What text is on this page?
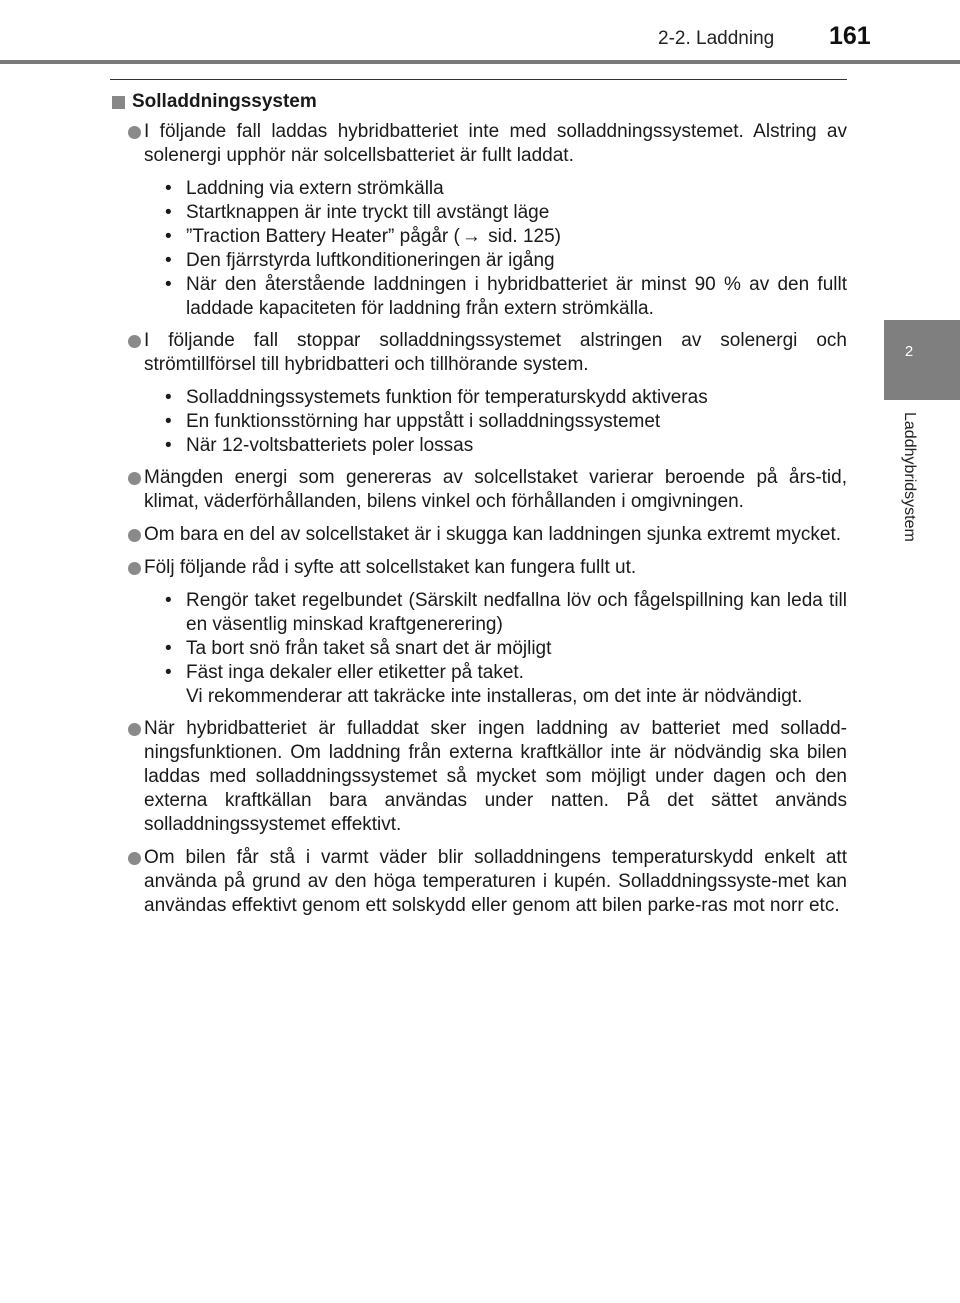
2-2. Laddning 161
2
Laddhybridsystem
Solladdningssystem
I följande fall laddas hybridbatteriet inte med solladdningssystemet. Alstring av solenergi upphör när solcellsbatteriet är fullt laddat.
• Laddning via extern strömkälla
• Startknappen är inte tryckt till avstängt läge
• ”Traction Battery Heater” pågår ( → sid. 125)
• Den fjärrstyrda luftkonditioneringen är igång
• När den återstående laddningen i hybridbatteriet är minst 90 % av den fullt laddade kapaciteten för laddning från extern strömkälla.
I följande fall stoppar solladdningssystemet alstringen av solenergi och strömtillförsel till hybridbatteri och tillhörande system.
• Solladdningssystemets funktion för temperaturskydd aktiveras
• En funktionsstörning har uppstått i solladdningssystemet
• När 12-voltsbatteriets poler lossas
Mängden energi som genereras av solcellstaket varierar beroende på års-tid, klimat, väderförhållanden, bilens vinkel och förhållanden i omgivningen.
Om bara en del av solcellstaket är i skugga kan laddningen sjunka extremt mycket.
Följ följande råd i syfte att solcellstaket kan fungera fullt ut.
• Rengör taket regelbundet (Särskilt nedfallna löv och fågelspillning kan leda till en väsentlig minskad kraftgenerering)
• Ta bort snö från taket så snart det är möjligt
• Fäst inga dekaler eller etiketter på taket.
Vi rekommenderar att takräcke inte installeras, om det inte är nödvändigt.
När hybridbatteriet är fulladdat sker ingen laddning av batteriet med solladd-ningsfunktionen. Om laddning från externa kraftkällor inte är nödvändig ska bilen laddas med solladdningssystemet så mycket som möjligt under dagen och den externa kraftkällan bara användas under natten. På det sättet används solladdningssystemet effektivt.
Om bilen får stå i varmt väder blir solladdningens temperaturskydd enkelt att använda på grund av den höga temperaturen i kupén. Solladdningssyste-met kan användas effektivt genom ett solskydd eller genom att bilen parke-ras mot norr etc.
